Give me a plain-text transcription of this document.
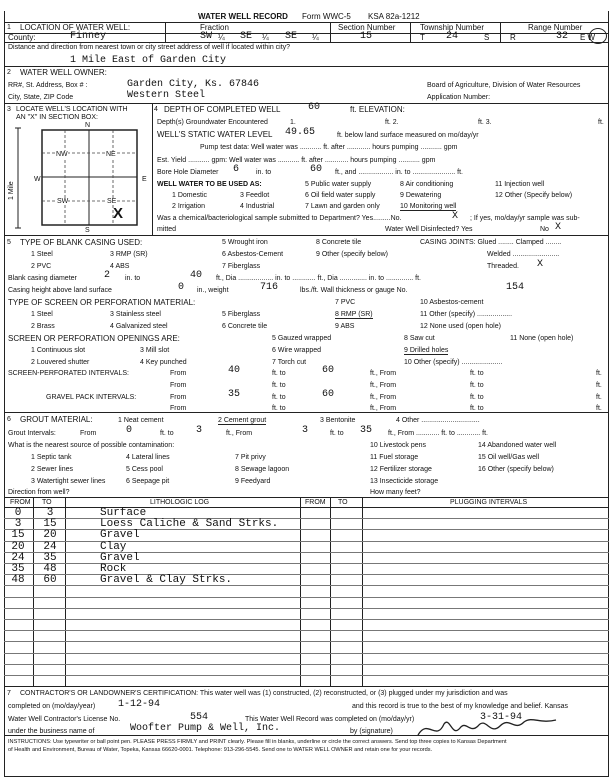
WATER WELL RECORD Form WWC-5 KSA 82a-1212
1 LOCATION OF WATER WELL:
County:	Finney
Fraction
SW ¼ SE ¼ SE ¼
Section Number
15
Township Number
T 24	S
Range Number
R	32 E W
Distance and direction from nearest town or city street address of well if located within city?
1 Mile East of Garden City
2 WATER WELL OWNER:
RR#, St. Address, Box # :	Garden City, Ks. 67846
City, State, ZIP Code	Western Steel
Board of Agriculture, Division of Water Resources
Application Number:
3 LOCATE WELL'S LOCATION WITH
AN "X" IN SECTION BOX:
N
S
W	E
1 Mile
NW	NE
SW	SE
X
4 DEPTH OF COMPLETED WELL	60	ft. ELEVATION:
Depth(s) Groundwater Encountered	1.	ft. 2.	ft. 3.	ft.
WELL'S STATIC WATER LEVEL 49.65	ft. below land surface measured on mo/day/yr
Pump test data: Well water was ........... ft. after ............ hours pumping ........... gpm
Est. Yield ........... gpm: Well water was ........... ft. after ............ hours pumping ........... gpm
Bore Hole Diameter 6 in. to	60 ft., and .................. in. to ...................... ft.
WELL WATER TO BE USED AS:	5 Public water supply	8 Air conditioning	11 Injection well
1 Domestic	3 Feedlot	6 Oil field water supply	9 Dewatering	12 Other (Specify below)
2 Irrigation	4 Industrial	7 Lawn and garden only	10 Monitoring well
Was a chemical/bacteriological sample submitted to Department? Yes.........No.	X ; If yes, mo/day/yr sample was sub-
mitted	Water Well Disinfected? Yes	No X
5 TYPE OF BLANK CASING USED:	5 Wrought iron	8 Concrete tile
1 Steel	3 RMP (SR)	6 Asbestos-Cement	9 Other (specify below)
2 PVC	4 ABS	7 Fiberglass
CASING JOINTS: Glued ........ Clamped ........
Welded ........................
Threaded. X
Blank casing diameter	2 in. to	40 ft., Dia .................. in. to ............ ft., Dia .............. in. to .............. ft.
Casing height above land surface	0 in., weight	716	lbs./ft. Wall thickness or gauge No.	154
TYPE OF SCREEN OR PERFORATION MATERIAL:	7 PVC	10 Asbestos-cement
1 Steel	3 Stainless steel	5 Fiberglass	8 RMP (SR)	11 Other (specify) ..................
2 Brass	4 Galvanized steel	6 Concrete tile	9 ABS	12 None used (open hole)
SCREEN OR PERFORATION OPENINGS ARE:	5 Gauzed wrapped	8 Saw cut	11 None (open hole)
1 Continuous slot	3 Mill slot	6 Wire wrapped	9 Drilled holes
2 Louvered shutter	4 Key punched	7 Torch cut	10 Other (specify) .....................
SCREEN-PERFORATED INTERVALS:	From	40	ft. to	60	ft., From	ft. to	ft.
From	ft. to	ft., From	ft. to	ft.
GRAVEL PACK INTERVALS:	From	35	ft. to	60	ft., From	ft. to	ft.
From	ft. to	ft., From	ft. to	ft.
6 GROUT MATERIAL:	1 Neat cement	2 Cement grout	3 Bentonite	4 Other ..............................
Grout Intervals:	From	0	ft. to 3	ft., From	3	ft. to 35 ft., From ............ ft. to ............ ft.
What is the nearest source of possible contamination:
1 Septic tank	4 Lateral lines	7 Pit privy
10 Livestock pens	14 Abandoned water well
2 Sewer lines	5 Cess pool	8 Sewage lagoon
11 Fuel storage	15 Oil well/Gas well
3 Watertight sewer lines	6 Seepage pit	9 Feedyard
12 Fertilizer storage	16 Other (specify below)
13 Insecticide storage
Direction from well?	How many feet?
FROM TO	LITHOLOGIC LOG	FROM TO	PLUGGING INTERVALS
0	3	Surface
3	15	Loess Caliche & Sand Strks.
15	20	Gravel
20	24	Clay
24	35	Gravel
35	48	Rock
48	60	Gravel & Clay Strks.
7 CONTRACTOR'S OR LANDOWNER'S CERTIFICATION: This water well was (1) constructed, (2) reconstructed, or (3) plugged under my jurisdiction and was
completed on (mo/day/year) 1-12-94	and this record is true to the best of my knowledge and belief. Kansas
Water Well Contractor's License No.	554	This Water Well Record was completed on (mo/day/yr)	3-31-94
under the business name of	Woofter Pump & Well, Inc.	by (signature)
INSTRUCTIONS: Use typewriter or ball point pen. PLEASE PRESS FIRMLY and PRINT clearly. Please fill in blanks, underline or circle the correct answers. Send top three copies to Kansas Department
of Health and Environment, Bureau of Water, Topeka, Kansas 66620-0001. Telephone: 913-296-5545. Send one to WATER WELL OWNER and retain one for your records.
